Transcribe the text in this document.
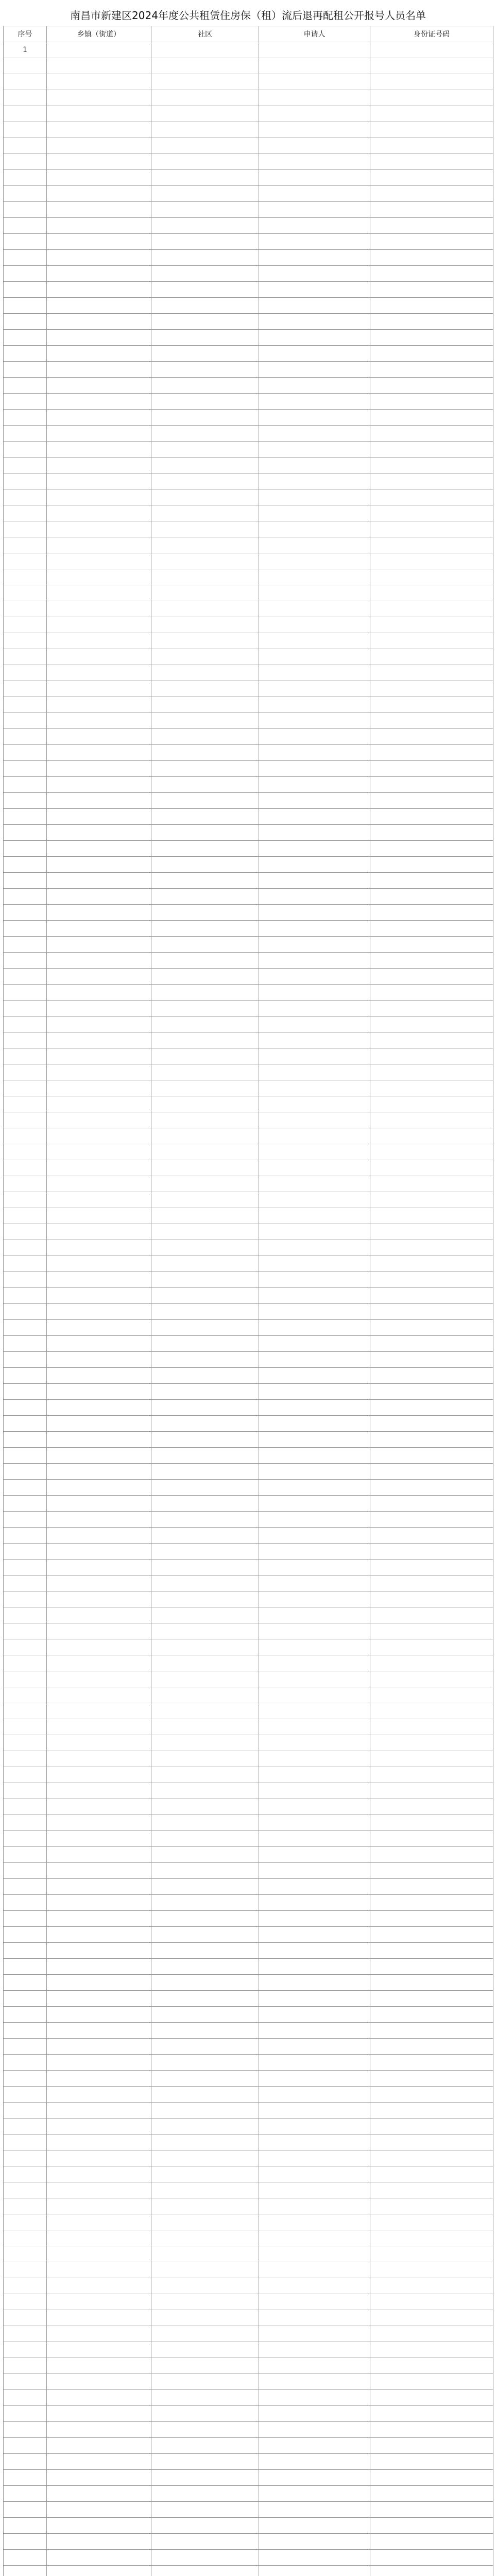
南昌市新建区2024年度公共租赁住房保（租）流后退再配租公开报号人员名单
序号	乡镇（街道）	社区	申请人	身份证号码
1				
